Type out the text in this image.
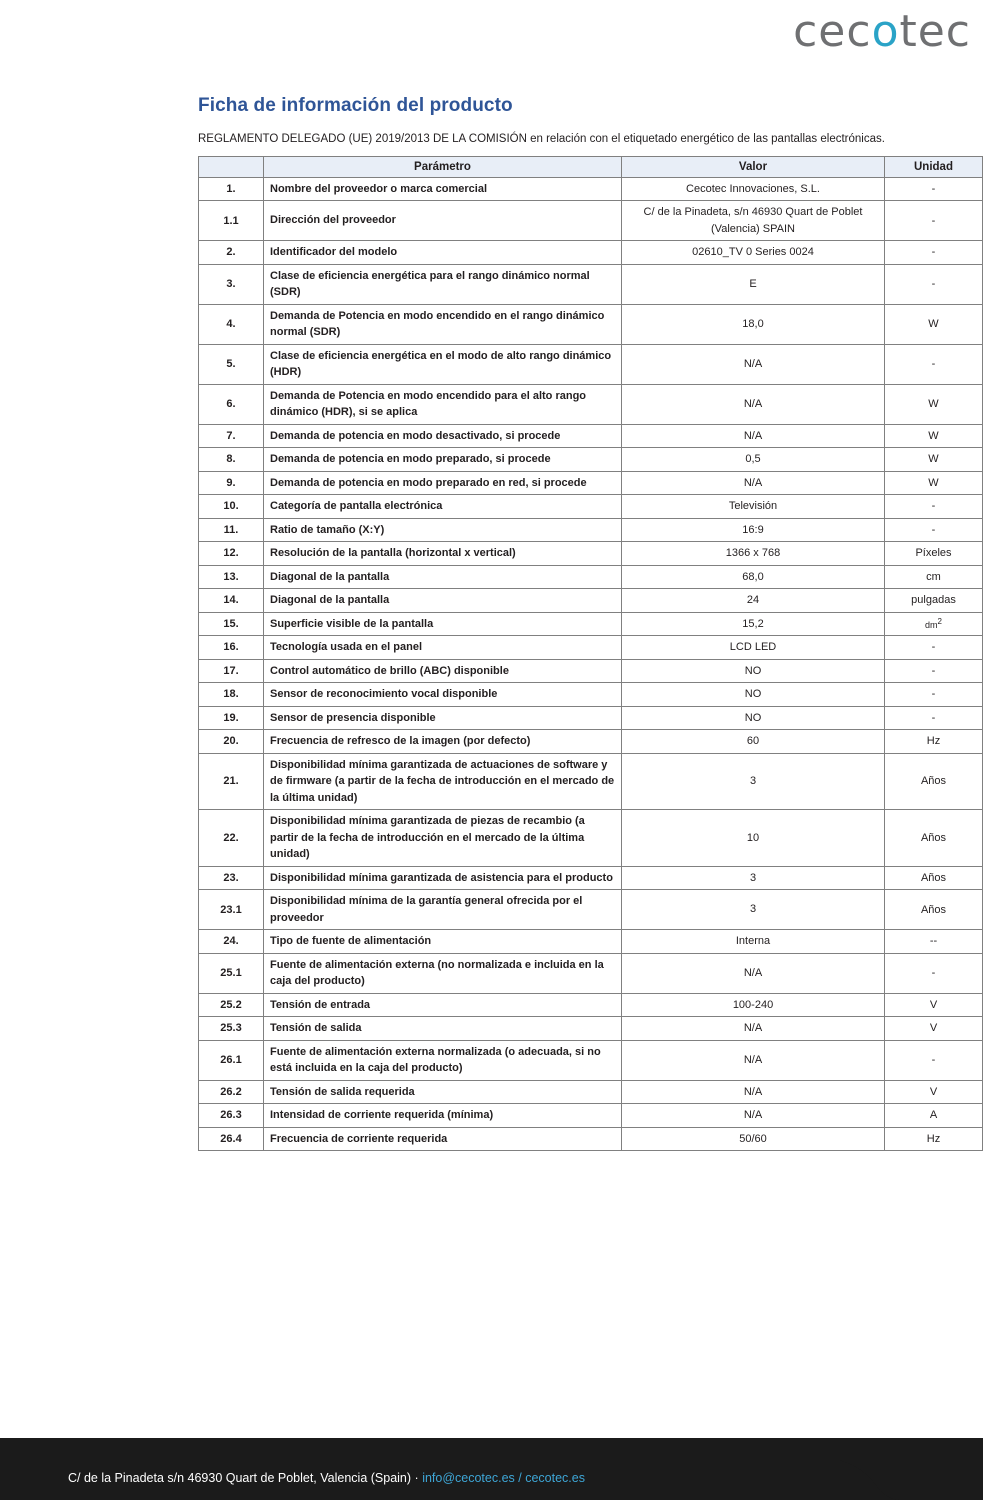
cecotec
Ficha de información del producto

REGLAMENTO DELEGADO (UE) 2019/2013 DE LA COMISIÓN en relación con el etiquetado energético de las pantallas electrónicas.

	Parámetro	Valor	Unidad
1.	Nombre del proveedor o marca comercial	Cecotec Innovaciones, S.L.	-
1.1	Dirección del proveedor	C/ de la Pinadeta, s/n 46930 Quart de Poblet (Valencia) SPAIN	-
2.	Identificador del modelo	02610_TV 0 Series 0024	-
3.	Clase de eficiencia energética para el rango dinámico normal (SDR)	E	-
4.	Demanda de Potencia en modo encendido en el rango dinámico normal (SDR)	18,0	W
5.	Clase de eficiencia energética en el modo de alto rango dinámico (HDR)	N/A	-
6.	Demanda de Potencia en modo encendido para el alto rango dinámico (HDR), si se aplica	N/A	W
7.	Demanda de potencia en modo desactivado, si procede	N/A	W
8.	Demanda de potencia en modo preparado, si procede	0,5	W
9.	Demanda de potencia en modo preparado en red, si procede	N/A	W
10.	Categoría de pantalla electrónica	Televisión	-
11.	Ratio de tamaño (X:Y)	16:9	-
12.	Resolución de la pantalla (horizontal x vertical)	1366 x 768	Píxeles
13.	Diagonal de la pantalla	68,0	cm
14.	Diagonal de la pantalla	24	pulgadas
15.	Superficie visible de la pantalla	15,2	dm2
16.	Tecnología usada en el panel	LCD LED	-
17.	Control automático de brillo (ABC) disponible	NO	-
18.	Sensor de reconocimiento vocal disponible	NO	-
19.	Sensor de presencia disponible	NO	-
20.	Frecuencia de refresco de la imagen (por defecto)	60	Hz
21.	Disponibilidad mínima garantizada de actuaciones de software y de firmware (a partir de la fecha de introducción en el mercado de la última unidad)	3	Años
22.	Disponibilidad mínima garantizada de piezas de recambio (a partir de la fecha de introducción en el mercado de la última unidad)	10	Años
23.	Disponibilidad mínima garantizada de asistencia para el producto	3	Años
23.1	Disponibilidad mínima de la garantía general ofrecida por el proveedor	3	Años
24.	Tipo de fuente de alimentación	Interna	--
25.1	Fuente de alimentación externa (no normalizada e incluida en la caja del producto)	N/A	-
25.2	Tensión de entrada	100-240	V
25.3	Tensión de salida	N/A	V
26.1	Fuente de alimentación externa normalizada (o adecuada, si no está incluida en la caja del producto)	N/A	-
26.2	Tensión de salida requerida	N/A	V
26.3	Intensidad de corriente requerida (mínima)	N/A	A
26.4	Frecuencia de corriente requerida	50/60	Hz
C/ de la Pinadeta s/n 46930 Quart de Poblet, Valencia (Spain) · info@cecotec.es / cecotec.es
